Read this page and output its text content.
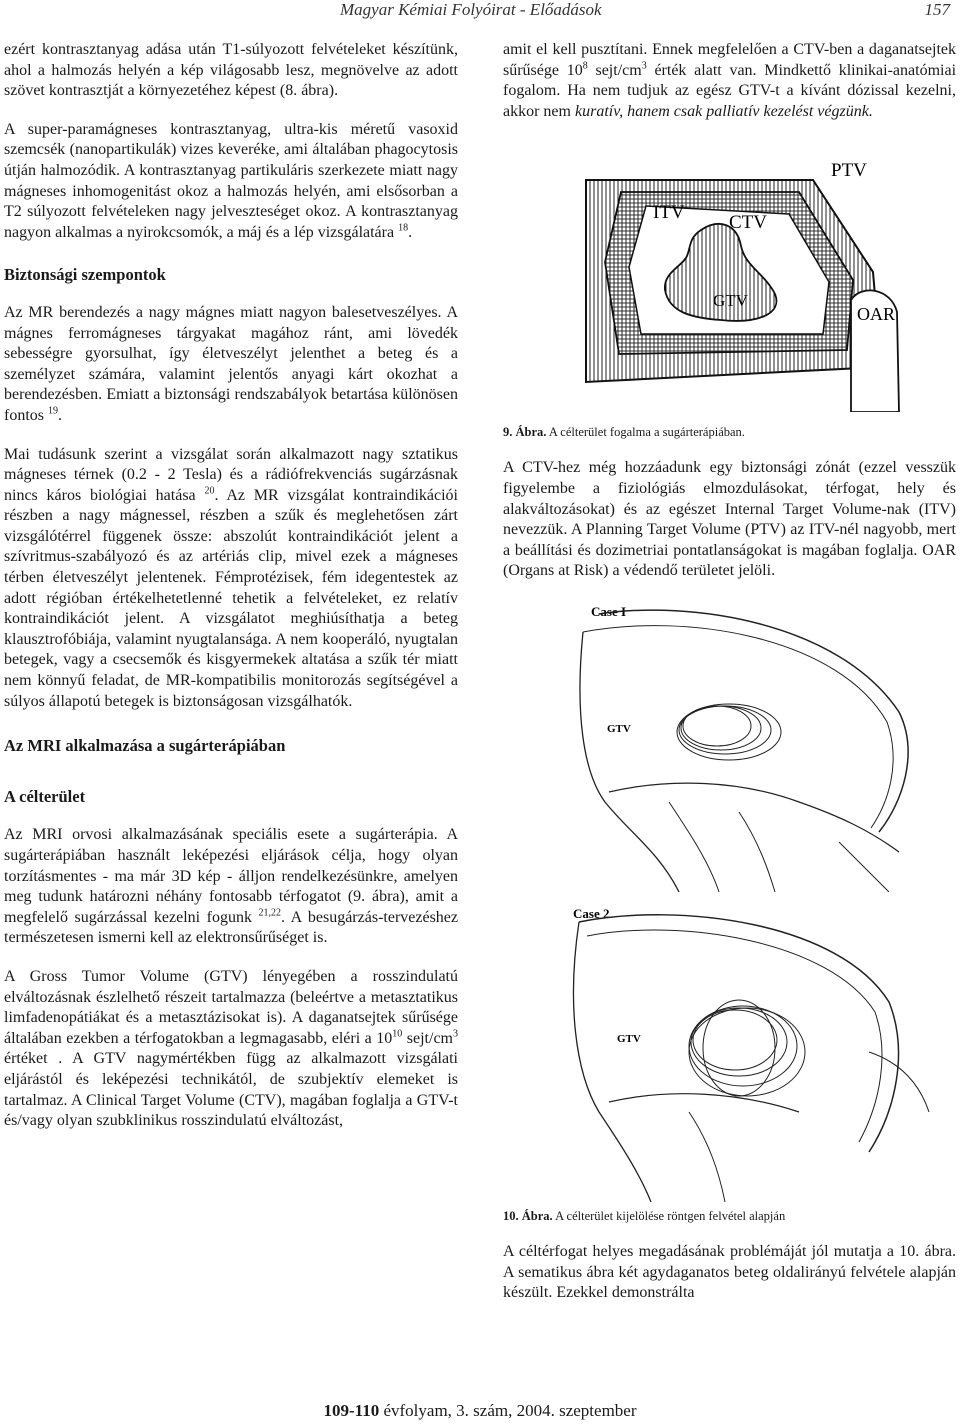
Magyar Kémiai Folyóirat - Előadások	157

ezért kontrasztanyag adása után T1-súlyozott felvételeket készítünk, ahol a halmozás helyén a kép világosabb lesz, megnövelve az adott szövet kontrasztját a környezetéhez képest (8. ábra).

A super-paramágneses kontrasztanyag, ultra-kis méretű vasoxid szemcsék (nanopartikulák) vizes keveréke, ami általában phagocytosis útján halmozódik. A kontrasztanyag partikuláris szerkezete miatt nagy mágneses inhomogenitást okoz a halmozás helyén, ami elsősorban a T2 súlyozott felvételeken nagy jelveszteséget okoz. A kontrasztanyag nagyon alkalmas a nyirokcsomók, a máj és a lép vizsgálatára $^{18}$.

Biztonsági szempontok

Az MR berendezés a nagy mágnes miatt nagyon balesetveszélyes. A mágnes ferromágneses tárgyakat magához ránt, ami lövedék sebességre gyorsulhat, így életveszélyt jelenthet a beteg és a személyzet számára, valamint jelentős anyagi kárt okozhat a berendezésben. Emiatt a biztonsági rendszabályok betartása különösen fontos $^{19}$.

Mai tudásunk szerint a vizsgálat során alkalmazott nagy sztatikus mágneses térnek (0.2 - 2 Tesla) és a rádiófrekvenciás sugárzásnak nincs káros biológiai hatása $^{20}$. Az MR vizsgálat kontraindikációi részben a nagy mágnessel, részben a szűk és meglehetősen zárt vizsgálótérrel függenek össze: abszolút kontraindikációt jelent a szívritmus-szabályozó és az artériás clip, mivel ezek a mágneses térben életveszélyt jelentenek. Fémprotézisek, fém idegentestek az adott régióban értékelhetetlenné tehetik a felvételeket, ez relatív kontraindikációt jelent. A vizsgálatot meghiúsíthatja a beteg klausztrofóbiája, valamint nyugtalansága. A nem kooperáló, nyugtalan betegek, vagy a csecsemők és kisgyermekek altatása a szűk tér miatt nem könnyű feladat, de MR-kompatibilis monitorozás segítségével a súlyos állapotú betegek is biztonságosan vizsgálhatók.

Az MRI alkalmazása a sugárterápiában
A célterület

Az MRI orvosi alkalmazásának speciális esete a sugárterápia. A sugárterápiában használt leképezési eljárások célja, hogy olyan torzításmentes - ma már 3D kép - álljon rendelkezésünkre, amelyen meg tudunk határozni néhány fontosabb térfogatot (9. ábra), amit a megfelelő sugárzással kezelni fogunk $^{21,22}$. A besugárzás-tervezéshez természetesen ismerni kell az elektronsűrűséget is.

A Gross Tumor Volume (GTV) lényegében a rosszindulatú elváltozásnak észlelhető részeit tartalmazza (beleértve a metasztatikus limfadenopátiákat és a metasztázisokat is). A daganatsejtek sűrűsége általában ezekben a térfogatokban a legmagasabb, eléri a $10^{10}$ sejt/$cm^3$ értéket . A GTV nagymértékben függ az alkalmazott vizsgálati eljárástól és leképezési technikától, de szubjektív elemeket is tartalmaz. A Clinical Target Volume (CTV), magában foglalja a GTV-t és/vagy olyan szubklinikus rosszindulatú elváltozást,

amit el kell pusztítani. Ennek megfelelően a CTV-ben a daganatsejtek sűrűsége $10^8$ sejt/$cm^3$ érték alatt van. Mindkettő klinikai-anatómiai fogalom. Ha nem tudjuk az egész GTV-t a kívánt dózissal kezelni, akkor nem kuratív, hanem csak palliatív kezelést végzünk.

PTV
ITV CTV
GTV
OAR

9. Ábra. A célterület fogalma a sugárterápiában.

A CTV-hez még hozzáadunk egy biztonsági zónát (ezzel vesszük figyelembe a fiziológiás elmozdulásokat, térfogat, hely és alakváltozásokat) és az egészet Internal Target Volume-nak (ITV) nevezzük. A Planning Target Volume (PTV) az ITV-nél nagyobb, mert a beállítási és dozimetriai pontatlanságokat is magában foglalja. OAR (Organs at Risk) a védendő területet jelöli.

Case I
GTV
Case 2
GTV

10. Ábra. A célterület kijelölése röntgen felvétel alapján

A céltérfogat helyes megadásának problémáját jól mutatja a 10. ábra. A sematikus ábra két agydaganatos beteg oldalirányú felvétele alapján készült. Ezekkel demonstrálta

109-110 évfolyam, 3. szám, 2004. szeptember
